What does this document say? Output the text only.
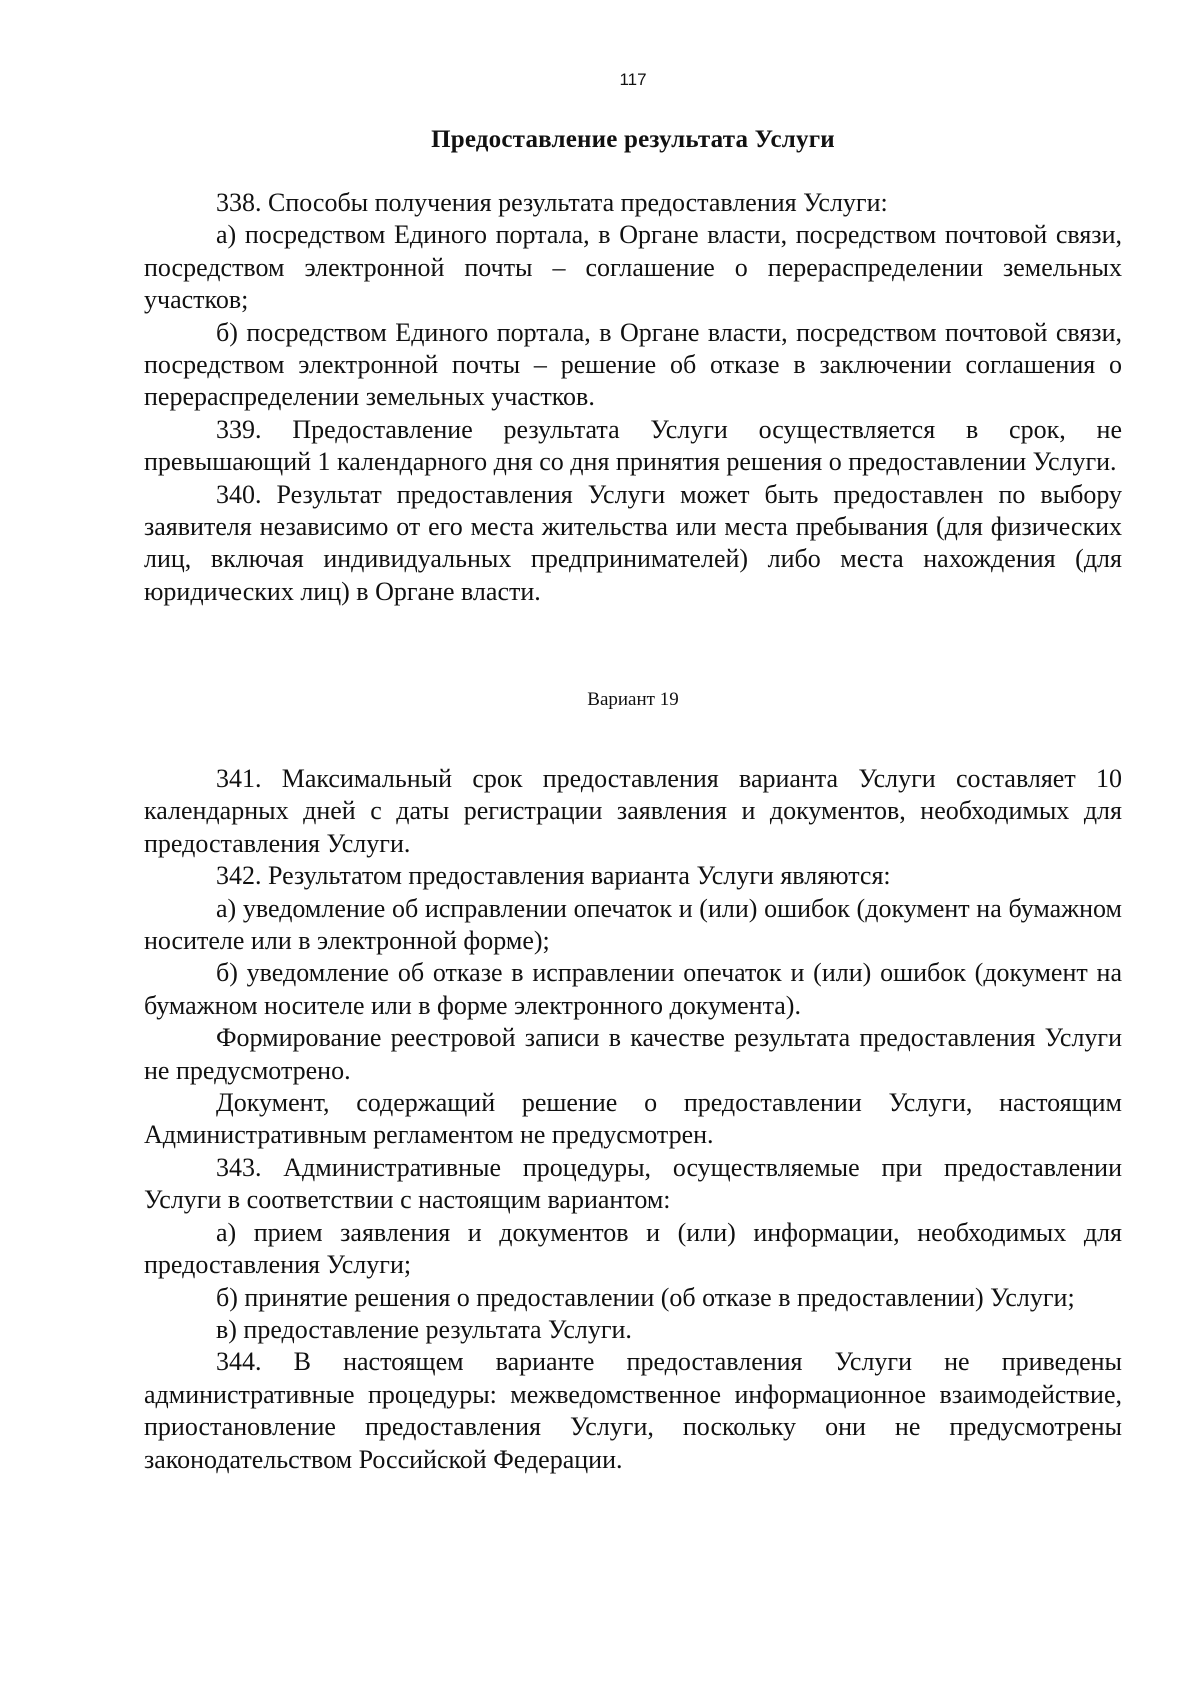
117
Предоставление результата Услуги

338. Способы получения результата предоставления Услуги:

а) посредством Единого портала, в Органе власти, посредством почтовой связи, посредством электронной почты – соглашение о перераспределении земельных участков;

б) посредством Единого портала, в Органе власти, посредством почтовой связи, посредством электронной почты – решение об отказе в заключении соглашения о перераспределении земельных участков.

339. Предоставление результата Услуги осуществляется в срок, не превышающий 1 календарного дня со дня принятия решения о предоставлении Услуги.

340. Результат предоставления Услуги может быть предоставлен по выбору заявителя независимо от его места жительства или места пребывания (для физических лиц, включая индивидуальных предпринимателей) либо места нахождения (для юридических лиц) в Органе власти.

Вариант 19

341. Максимальный срок предоставления варианта Услуги составляет 10 календарных дней с даты регистрации заявления и документов, необходимых для предоставления Услуги.

342. Результатом предоставления варианта Услуги являются:

а) уведомление об исправлении опечаток и (или) ошибок (документ на бумажном носителе или в электронной форме);

б) уведомление об отказе в исправлении опечаток и (или) ошибок (документ на бумажном носителе или в форме электронного документа).

Формирование реестровой записи в качестве результата предоставления Услуги не предусмотрено.

Документ, содержащий решение о предоставлении Услуги, настоящим Административным регламентом не предусмотрен.

343. Административные процедуры, осуществляемые при предоставлении Услуги в соответствии с настоящим вариантом:

а) прием заявления и документов и (или) информации, необходимых для предоставления Услуги;

б) принятие решения о предоставлении (об отказе в предоставлении) Услуги;

в) предоставление результата Услуги.

344. В настоящем варианте предоставления Услуги не приведены административные процедуры: межведомственное информационное взаимодействие, приостановление предоставления Услуги, поскольку они не предусмотрены законодательством Российской Федерации.
